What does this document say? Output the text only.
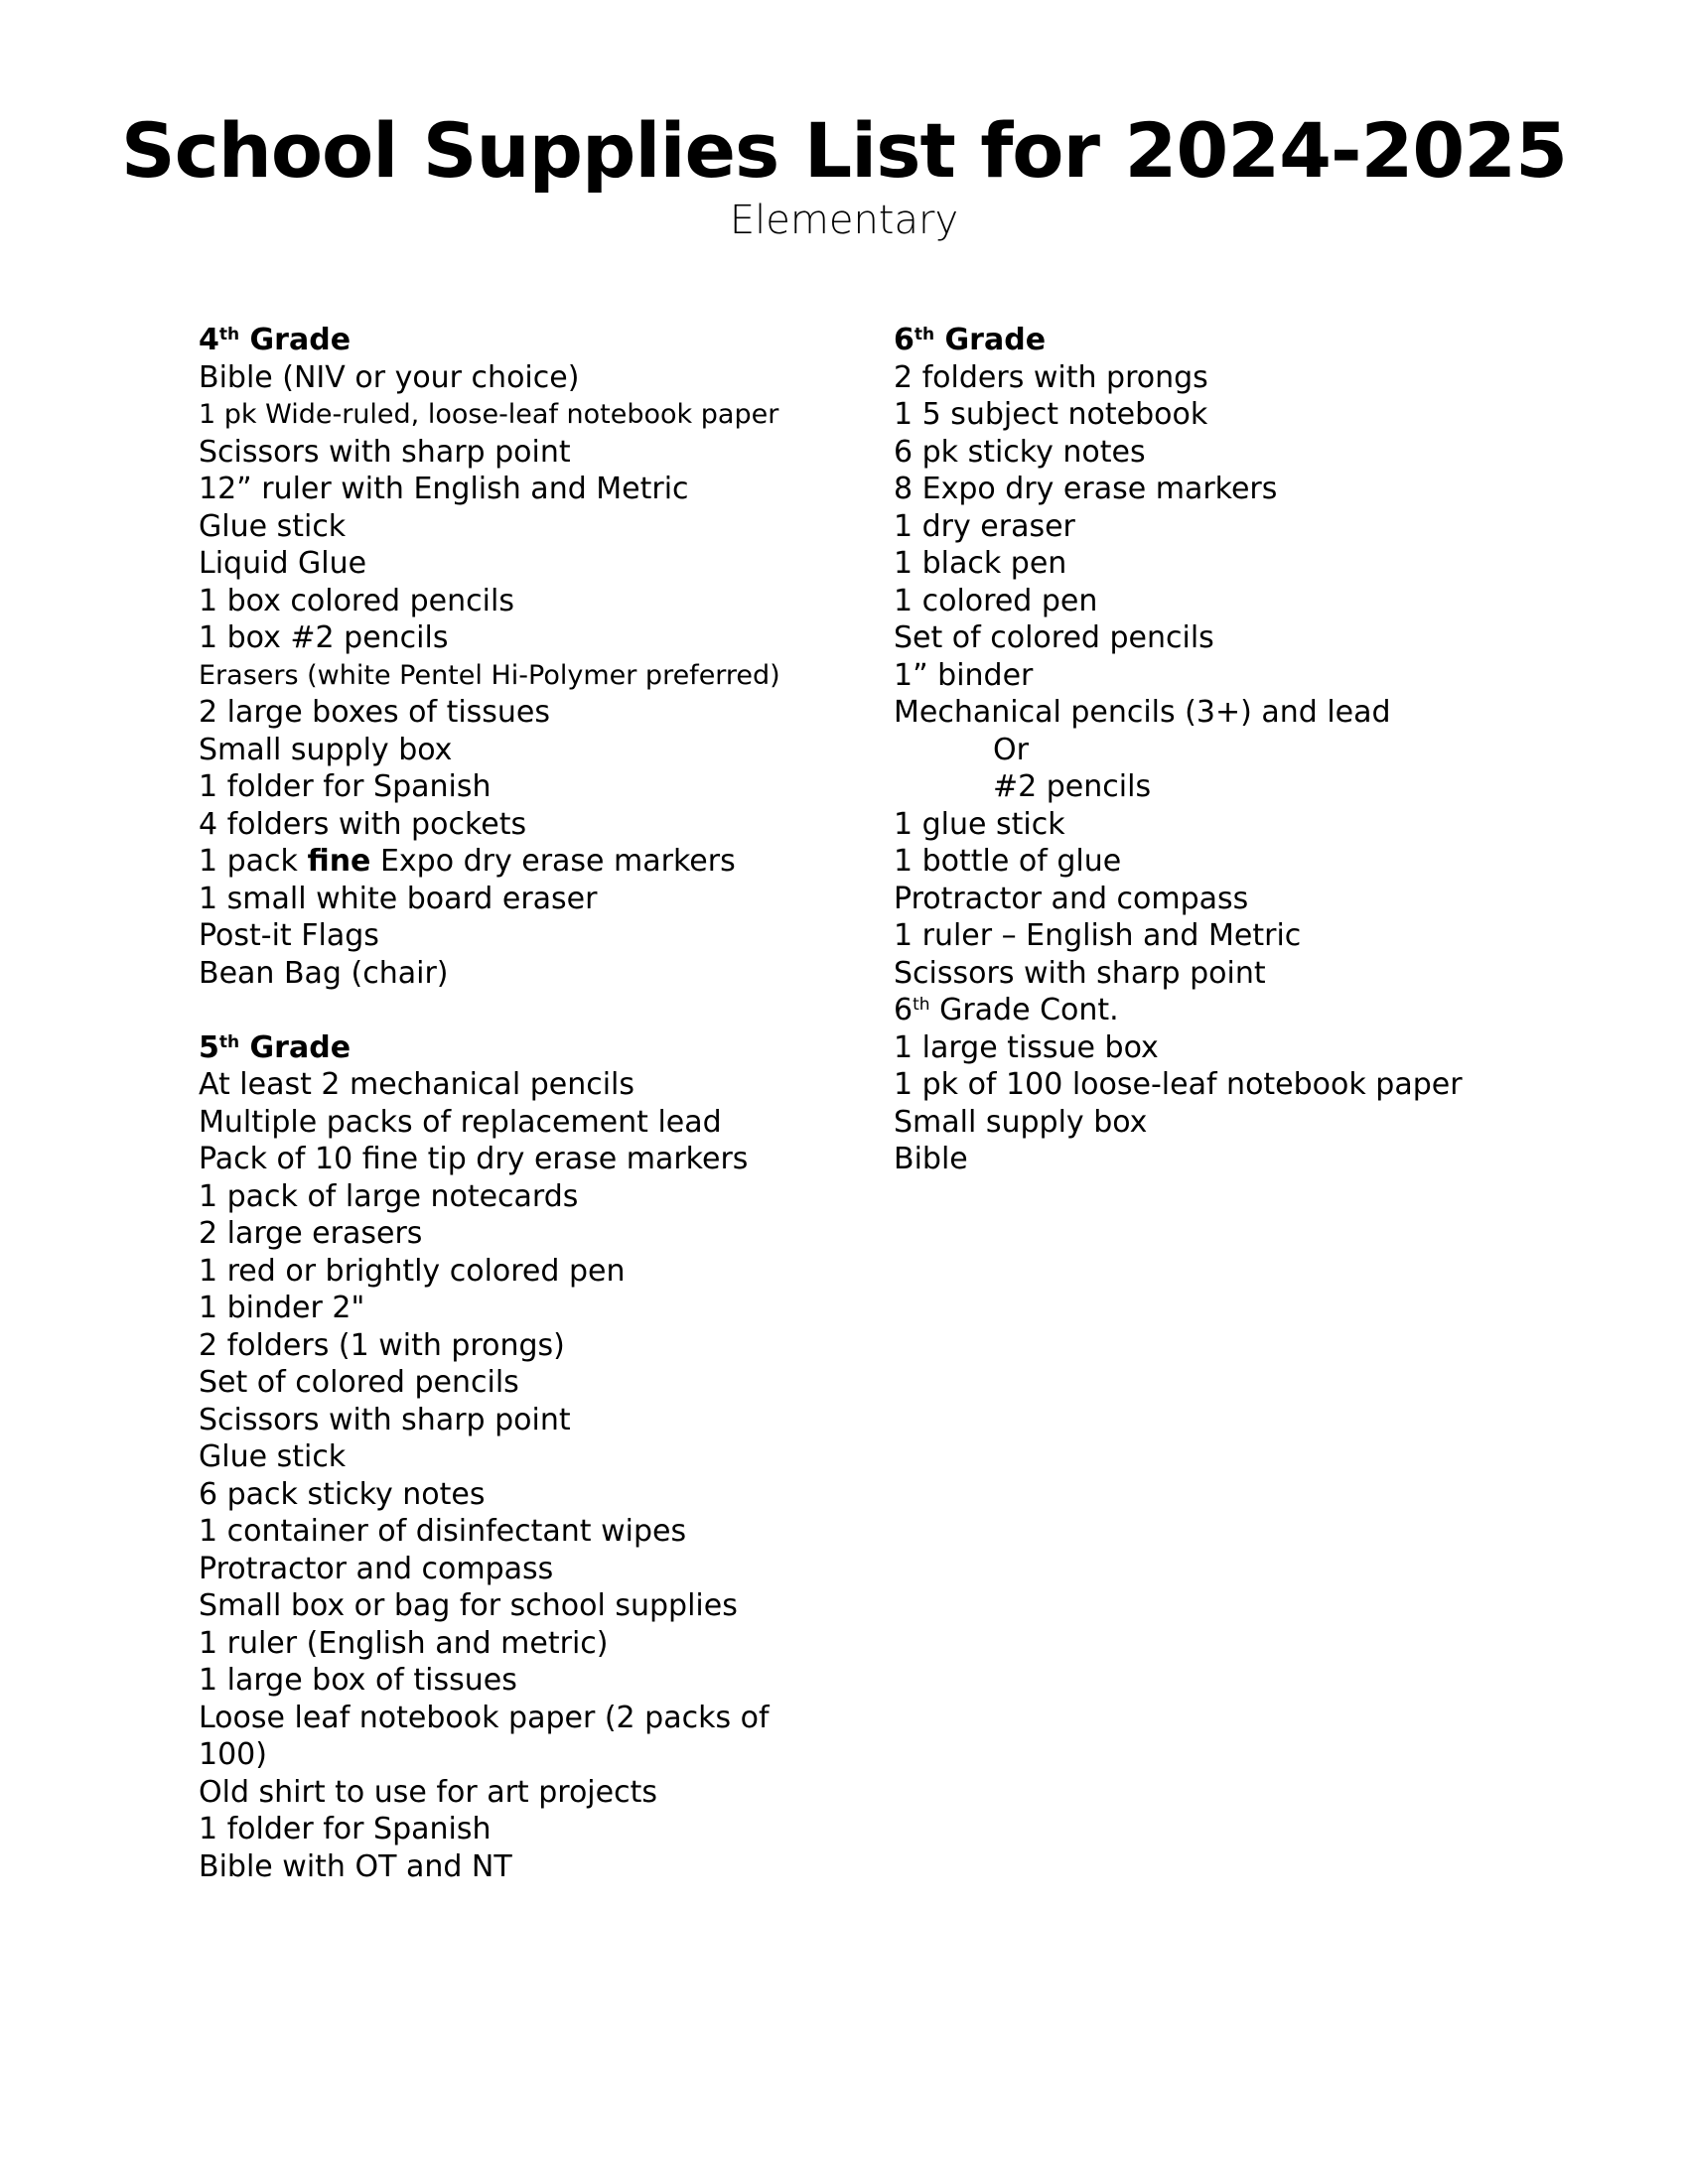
School Supplies List for 2024-2025
Elementary
4th Grade
Bible (NIV or your choice)
1 pk Wide-ruled, loose-leaf notebook paper
Scissors with sharp point
12” ruler with English and Metric
Glue stick
Liquid Glue
1 box colored pencils
1 box #2 pencils
Erasers (white Pentel Hi-Polymer preferred)
2 large boxes of tissues
Small supply box
1 folder for Spanish
4 folders with pockets
1 pack fine Expo dry erase markers
1 small white board eraser
Post-it Flags
Bean Bag (chair)
5th Grade
At least 2 mechanical pencils
Multiple packs of replacement lead
Pack of 10 fine tip dry erase markers
1 pack of large notecards
2 large erasers
1 red or brightly colored pen
1 binder 2"
2 folders (1 with prongs)
Set of colored pencils
Scissors with sharp point
Glue stick
6 pack sticky notes
1 container of disinfectant wipes
Protractor and compass
Small box or bag for school supplies
1 ruler (English and metric)
1 large box of tissues
Loose leaf notebook paper (2 packs of
100)
Old shirt to use for art projects
1 folder for Spanish
Bible with OT and NT
6th Grade
2 folders with prongs
1 5 subject notebook
6 pk sticky notes
8 Expo dry erase markers
1 dry eraser
1 black pen
1 colored pen
Set of colored pencils
1” binder
Mechanical pencils (3+) and lead
Or
#2 pencils
1 glue stick
1 bottle of glue
Protractor and compass
1 ruler – English and Metric
Scissors with sharp point
6th Grade Cont.
1 large tissue box
1 pk of 100 loose-leaf notebook paper
Small supply box
Bible
